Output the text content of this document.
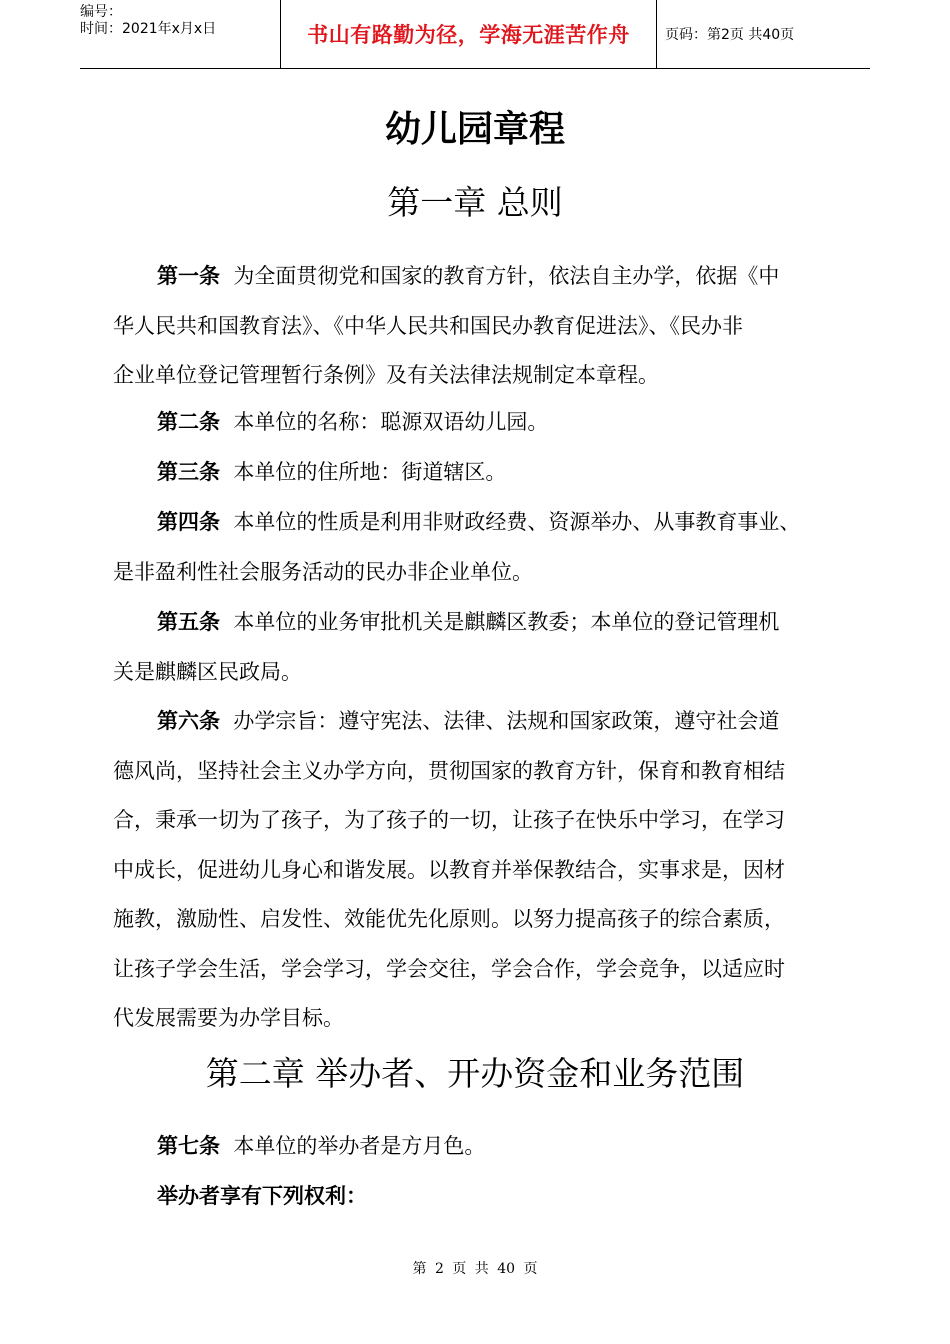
编号：
时间：2021年x月x日	书山有路勤为径，学海无涯苦作舟	页码：第2页 共40页
幼儿园章程
第一章 总则
第一条 为全面贯彻党和国家的教育方针，依法自主办学，依据《中
华人民共和国教育法》、《中华人民共和国民办教育促进法》、《民办非
企业单位登记管理暂行条例》及有关法律法规制定本章程。
第二条 本单位的名称：聪源双语幼儿园。
第三条 本单位的住所地：街道辖区。
第四条 本单位的性质是利用非财政经费、资源举办、从事教育事业、
是非盈利性社会服务活动的民办非企业单位。
第五条 本单位的业务审批机关是麒麟区教委；本单位的登记管理机
关是麒麟区民政局。
第六条 办学宗旨：遵守宪法、法律、法规和国家政策，遵守社会道
德风尚，坚持社会主义办学方向，贯彻国家的教育方针，保育和教育相结
合，秉承一切为了孩子，为了孩子的一切，让孩子在快乐中学习，在学习
中成长，促进幼儿身心和谐发展。以教育并举保教结合，实事求是，因材
施教，激励性、启发性、效能优先化原则。以努力提高孩子的综合素质，
让孩子学会生活，学会学习，学会交往，学会合作，学会竞争，以适应时
代发展需要为办学目标。
第二章 举办者、开办资金和业务范围
第七条 本单位的举办者是方月色。
举办者享有下列权利：
第 2 页 共 40 页
